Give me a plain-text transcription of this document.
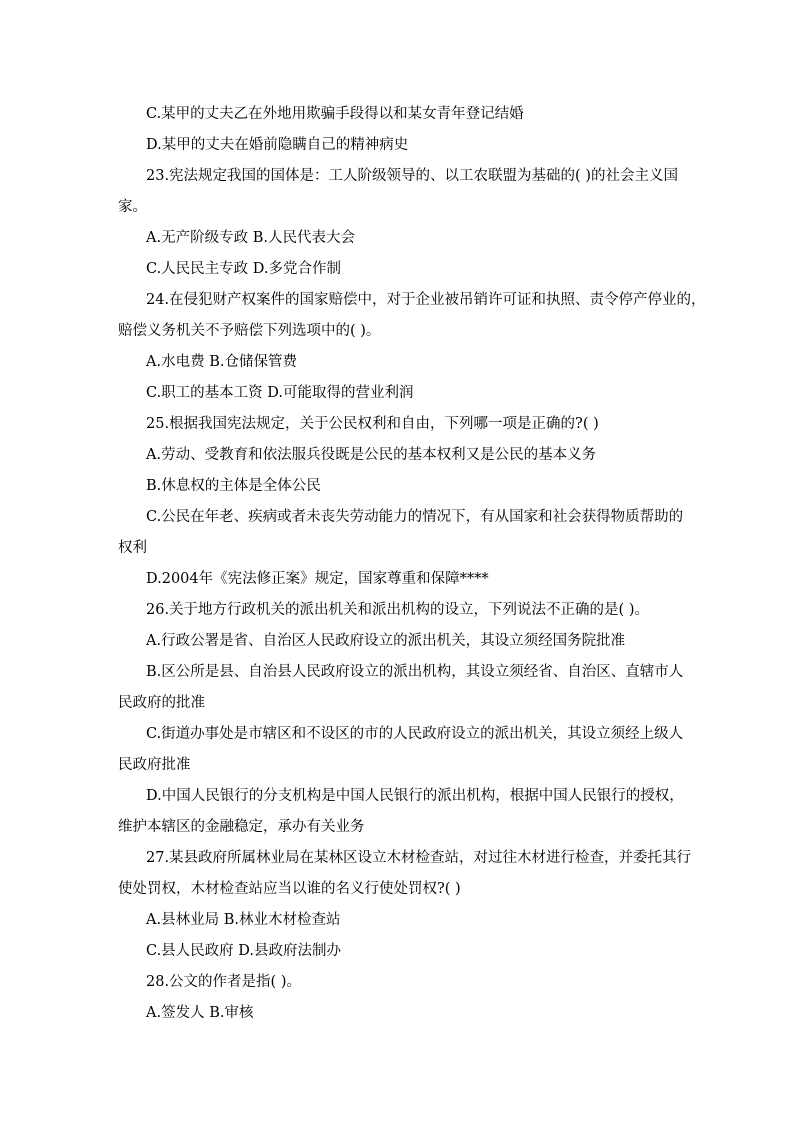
C.某甲的丈夫乙在外地用欺骗手段得以和某女青年登记结婚
D.某甲的丈夫在婚前隐瞒自己的精神病史
23.宪法规定我国的国体是：工人阶级领导的、以工农联盟为基础的( )的社会主义国
家。
A.无产阶级专政 B.人民代表大会
C.人民民主专政 D.多党合作制
24.在侵犯财产权案件的国家赔偿中，对于企业被吊销许可证和执照、责令停产停业的，
赔偿义务机关不予赔偿下列选项中的( )。
A.水电费 B.仓储保管费
C.职工的基本工资 D.可能取得的营业利润
25.根据我国宪法规定，关于公民权利和自由，下列哪一项是正确的?( )
A.劳动、受教育和依法服兵役既是公民的基本权利又是公民的基本义务
B.休息权的主体是全体公民
C.公民在年老、疾病或者未丧失劳动能力的情况下，有从国家和社会获得物质帮助的
权利
D.2004年《宪法修正案》规定，国家尊重和保障****
26.关于地方行政机关的派出机关和派出机构的设立，下列说法不正确的是( )。
A.行政公署是省、自治区人民政府设立的派出机关，其设立须经国务院批准
B.区公所是县、自治县人民政府设立的派出机构，其设立须经省、自治区、直辖市人
民政府的批准
C.街道办事处是市辖区和不设区的市的人民政府设立的派出机关，其设立须经上级人
民政府批准
D.中国人民银行的分支机构是中国人民银行的派出机构，根据中国人民银行的授权，
维护本辖区的金融稳定，承办有关业务
27.某县政府所属林业局在某林区设立木材检查站，对过往木材进行检查，并委托其行
使处罚权，木材检查站应当以谁的名义行使处罚权?( )
A.县林业局 B.林业木材检查站
C.县人民政府 D.县政府法制办
28.公文的作者是指( )。
A.签发人 B.审核
